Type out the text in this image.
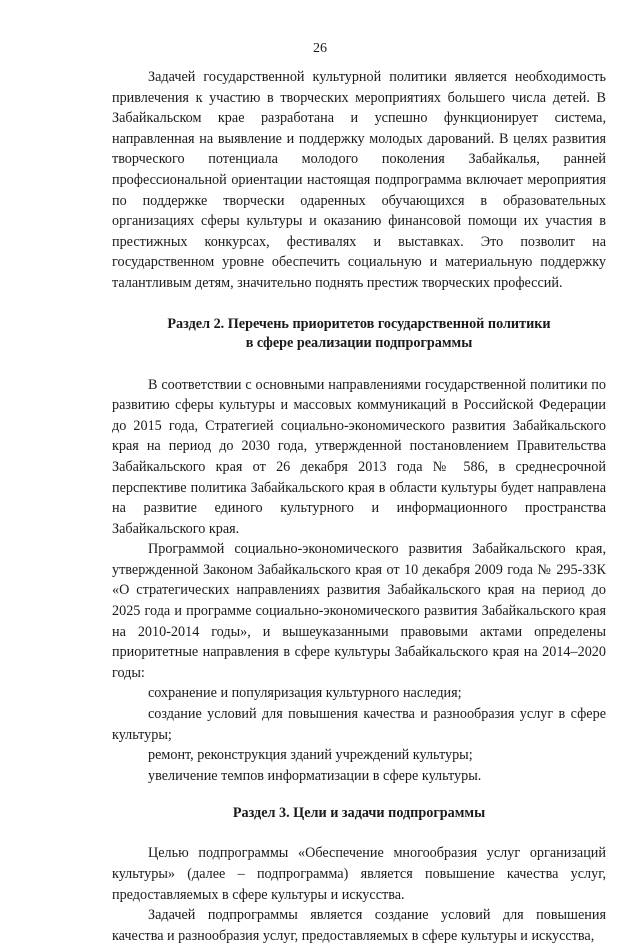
26

Задачей государственной культурной политики является необходимость привлечения к участию в творческих мероприятиях большего числа детей. В Забайкальском крае разработана и успешно функционирует система, направленная на выявление и поддержку молодых дарований. В целях развития творческого потенциала молодого поколения Забайкалья, ранней профессиональной ориентации настоящая подпрограмма включает мероприятия по поддержке творчески одаренных обучающихся в образовательных организациях сферы культуры и оказанию финансовой помощи их участия в престижных конкурсах, фестивалях и выставках. Это позволит на государственном уровне обеспечить социальную и материальную поддержку талантливым детям, значительно поднять престиж творческих профессий.

Раздел 2. Перечень приоритетов государственной политики
в сфере реализации подпрограммы

В соответствии с основными направлениями государственной политики по развитию сферы культуры и массовых коммуникаций в Российской Федерации до 2015 года, Стратегией социально-экономического развития Забайкальского края на период до 2030 года, утвержденной постановлением Правительства Забайкальского края от 26 декабря 2013 года № 586, в среднесрочной перспективе политика Забайкальского края в области культуры будет направлена на развитие единого культурного и информационного пространства Забайкальского края.

Программой социально-экономического развития Забайкальского края, утвержденной Законом Забайкальского края от 10 декабря 2009 года № 295-ЗЗК «О стратегических направлениях развития Забайкальского края на период до 2025 года и программе социально-экономического развития Забайкальского края на 2010-2014 годы», и вышеуказанными правовыми актами определены приоритетные направления в сфере культуры Забайкальского края на 2014–2020 годы:

сохранение и популяризация культурного наследия;

создание условий для повышения качества и разнообразия услуг в сфере культуры;

ремонт, реконструкция зданий учреждений культуры;

увеличение темпов информатизации в сфере культуры.

Раздел 3. Цели и задачи подпрограммы

Целью подпрограммы «Обеспечение многообразия услуг организаций культуры» (далее – подпрограмма) является повышение качества услуг, предоставляемых в сфере культуры и искусства.

Задачей подпрограммы является создание условий для повышения качества и разнообразия услуг, предоставляемых в сфере культуры и искусства,
